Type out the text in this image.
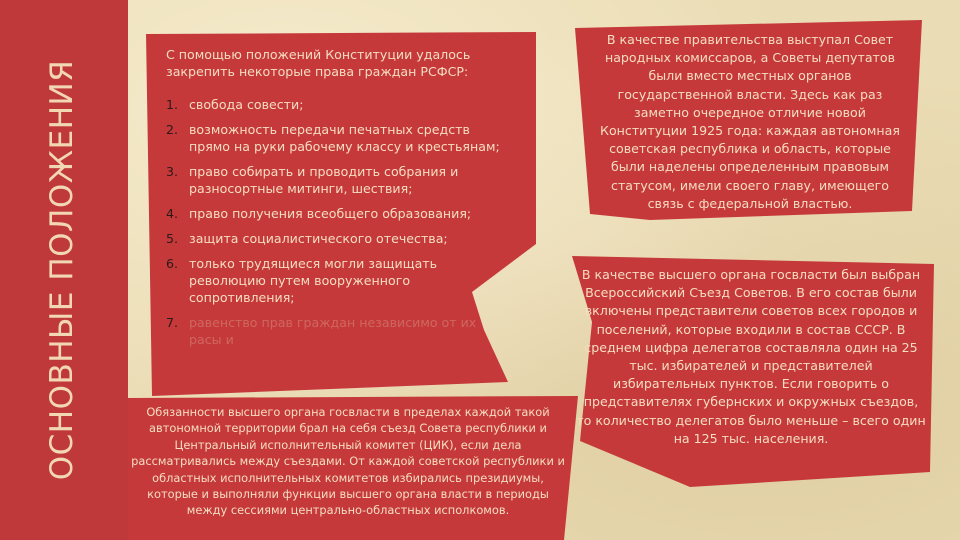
ОСНОВНЫЕ ПОЛОЖЕНИЯ

С помощью положений Конституции удалось закрепить некоторые права граждан РСФСР:

1. свобода совести;
2. возможность передачи печатных средств прямо на руки рабочему классу и крестьянам;
3. право собирать и проводить собрания и разносортные митинги, шествия;
4. право получения всеобщего образования;
5. защита социалистического отечества;
6. только трудящиеся могли защищать революцию путем вооруженного сопротивления;
7. равенство прав граждан независимо от их расы и
В качестве правительства выступал Совет народных комиссаров, а Советы депутатов были вместо местных органов государственной власти. Здесь как раз заметно очередное отличие новой Конституции 1925 года: каждая автономная советская республика и область, которые были наделены определенным правовым статусом, имели своего главу, имеющего связь с федеральной властью.
В качестве высшего органа госвласти был выбран Всероссийский Съезд Советов. В его состав были включены представители советов всех городов и поселений, которые входили в состав СССР. В среднем цифра делегатов составляла один на 25 тыс. избирателей и представителей избирательных пунктов. Если говорить о представителях губернских и окружных съездов, то количество делегатов было меньше – всего один на 125 тыс. населения.
Обязанности высшего органа госвласти в пределах каждой такой автономной территории брал на себя съезд Совета республики и Центральный исполнительный комитет (ЦИК), если дела рассматривались между съездами. От каждой советской республики и областных исполнительных комитетов избирались президиумы, которые и выполняли функции высшего органа власти в периоды между сессиями центрально-областных исполкомов.
